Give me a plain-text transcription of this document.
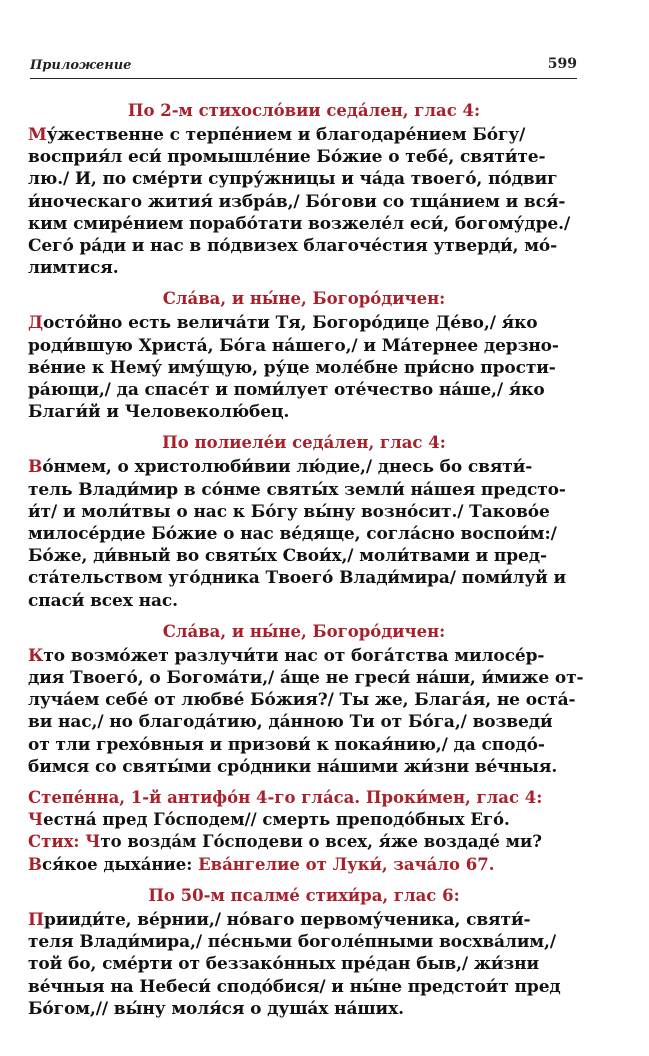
Приложение	599
По 2-м стихосло́вии седа́лен, глас 4:
Му́жественне с терпе́нием и благодаре́нием Бо́гу/
восприя́л еси́ промышле́ние Бо́жие о тебе́, святи́те-
лю./ И, по сме́рти супру́жницы и ча́да твоего́, по́двиг
и́ноческаго жития́ избра́в,/ Бо́гови со тща́нием и вся́-
ким смире́нием порабо́тати возжеле́л еси́, богому́дре./
Сего́ ра́ди и нас в по́двизех благоче́стия утверди́, мо́-
лимтися.
Сла́ва, и ны́не, Богоро́дичен:
Досто́йно есть велича́ти Тя, Богоро́дице Де́во,/ я́ко
роди́вшую Христа́, Бо́га на́шего,/ и Ма́тернее дерзно-
ве́ние к Нему́ иму́щую, ру́це моле́бне при́сно прости-
ра́ющи,/ да спасе́т и поми́лует оте́чество на́ше,/ я́ко
Благи́й и Человеколю́бец.
По полиеле́и седа́лен, глас 4:
Во́нмем, о христолюби́вии лю́дие,/ днесь бо святи́-
тель Влади́мир в со́нме святы́х земли́ на́шея предсто-
и́т/ и моли́твы о нас к Бо́гу вы́ну возно́сит./ Таково́е
милосе́рдие Бо́жие о нас ве́дяще, согла́сно воспои́м:/
Бо́же, ди́вный во святы́х Свои́х,/ моли́твами и пред-
ста́тельством уго́дника Твоего́ Влади́мира/ поми́луй и
спаси́ всех нас.
Сла́ва, и ны́не, Богоро́дичен:
Кто возмо́жет разлучи́ти нас от бога́тства милосе́р-
дия Твоего́, о Богома́ти,/ а́ще не греси́ на́ши, и́миже от-
луча́ем себе́ от любве́ Бо́жия?/ Ты же, Блага́я, не оста́-
ви нас,/ но благода́тию, да́нною Ти от Бо́га,/ возведи́
от тли грехо́вныя и призови́ к покая́нию,/ да сподо́-
бимся со святы́ми сро́дники на́шими жи́зни ве́чныя.
Степе́нна, 1-й антифо́н 4-го гла́са. Проки́мен, глас 4:
Честна́ пред Го́сподем// смерть преподо́бных Его́.
Стих: Что возда́м Го́сподеви о всех, я́же воздаде́ ми?
Вся́кое дыха́ние: Ева́нгелие от Луки́, зача́ло 67.
По 50-м псалме́ стихи́ра, глас 6:
Прииди́те, ве́рнии,/ но́ваго первому́ченика, святи́-
теля Влади́мира,/ пе́сньми боголе́пными восхва́лим,/
той бо, сме́рти от беззако́нных пре́дан быв,/ жи́зни
ве́чныя на Небеси́ сподо́бися/ и ны́не предстои́т пред
Бо́гом,// вы́ну моля́ся о душа́х на́ших.
